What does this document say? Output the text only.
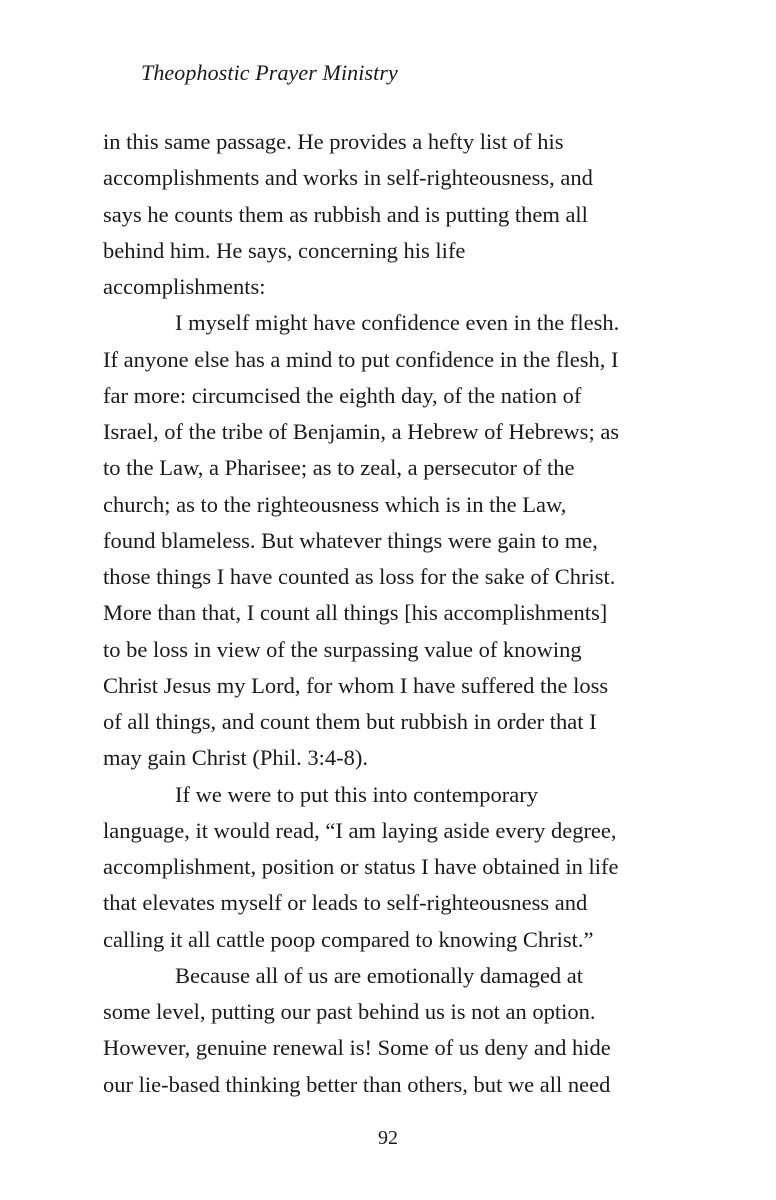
Theophostic Prayer Ministry
in this same passage. He provides a hefty list of his
accomplishments and works in self-righteousness, and
says he counts them as rubbish and is putting them all
behind him. He says, concerning his life
accomplishments:
I myself might have confidence even in the flesh.
If anyone else has a mind to put confidence in the flesh, I
far more: circumcised the eighth day, of the nation of
Israel, of the tribe of Benjamin, a Hebrew of Hebrews; as
to the Law, a Pharisee; as to zeal, a persecutor of the
church; as to the righteousness which is in the Law,
found blameless. But whatever things were gain to me,
those things I have counted as loss for the sake of Christ.
More than that, I count all things [his accomplishments]
to be loss in view of the surpassing value of knowing
Christ Jesus my Lord, for whom I have suffered the loss
of all things, and count them but rubbish in order that I
may gain Christ (Phil. 3:4-8).
If we were to put this into contemporary
language, it would read, “I am laying aside every degree,
accomplishment, position or status I have obtained in life
that elevates myself or leads to self-righteousness and
calling it all cattle poop compared to knowing Christ.”
Because all of us are emotionally damaged at
some level, putting our past behind us is not an option.
However, genuine renewal is! Some of us deny and hide
our lie-based thinking better than others, but we all need
92
